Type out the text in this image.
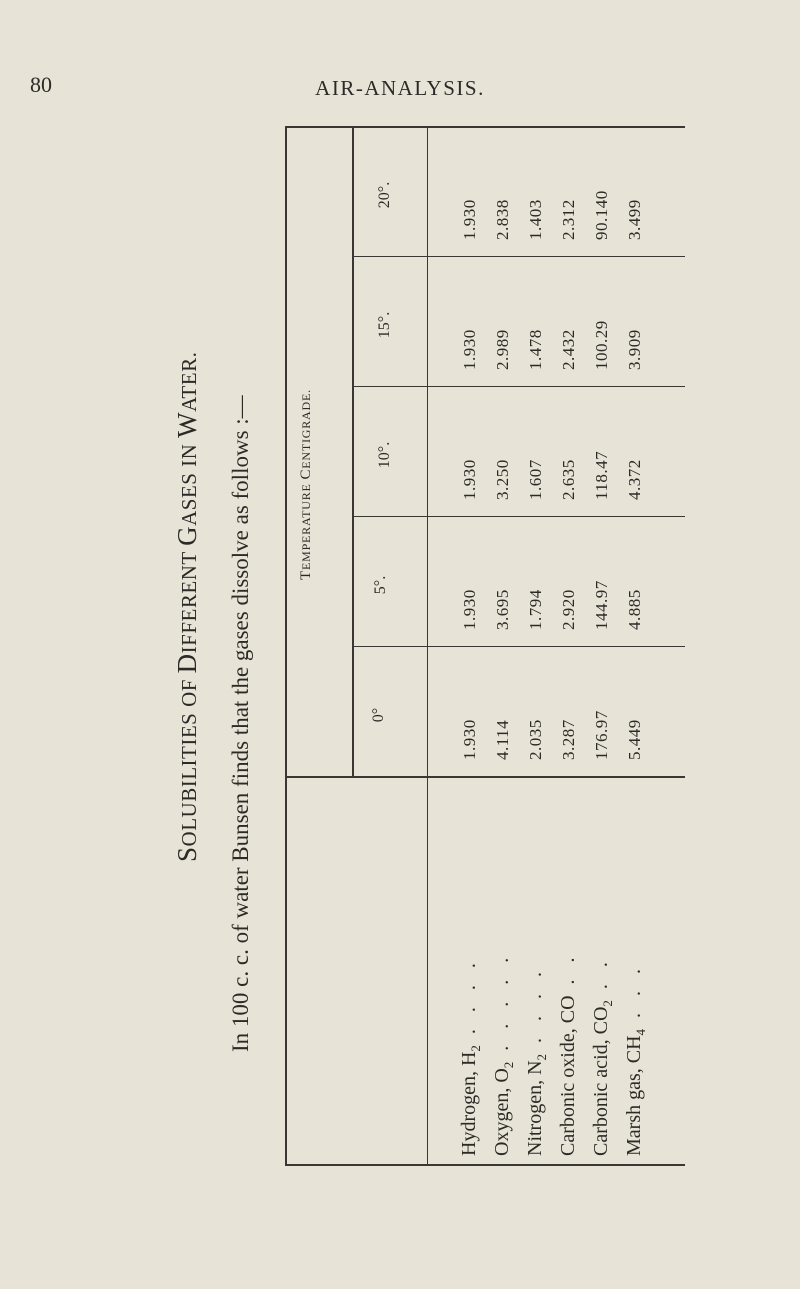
80	AIR-ANALYSIS.
SOLUBILITIES OF DIFFERENT GASES IN WATER.
In 100 c. c. of water Bunsen finds that the gases dissolve as follows :—	TEMPERATURE CENTIGRADE.
20°.
15°.
10°.
5°.
0°
1.930 4.114 2.035 3.287 176.97 5.449
1.930 3.695 1.794 2.920 144.97 4.885
1.930 3.250 1.607 2.635 118.47 4.372
1.930 2.989 1.478 2.432 100.29 3.909
1.930 2.838 1.403 2.312 90.140 3.499
Hydrogen, $H_2$ . . . .
Oxygen, $O_2$ . . . . .
Nitrogen, $N_2$ . . . . Carbonic oxide, CO . .
Carbonic acid, $CO_2$ . .
Marsh gas, $CH_4$ . . .
